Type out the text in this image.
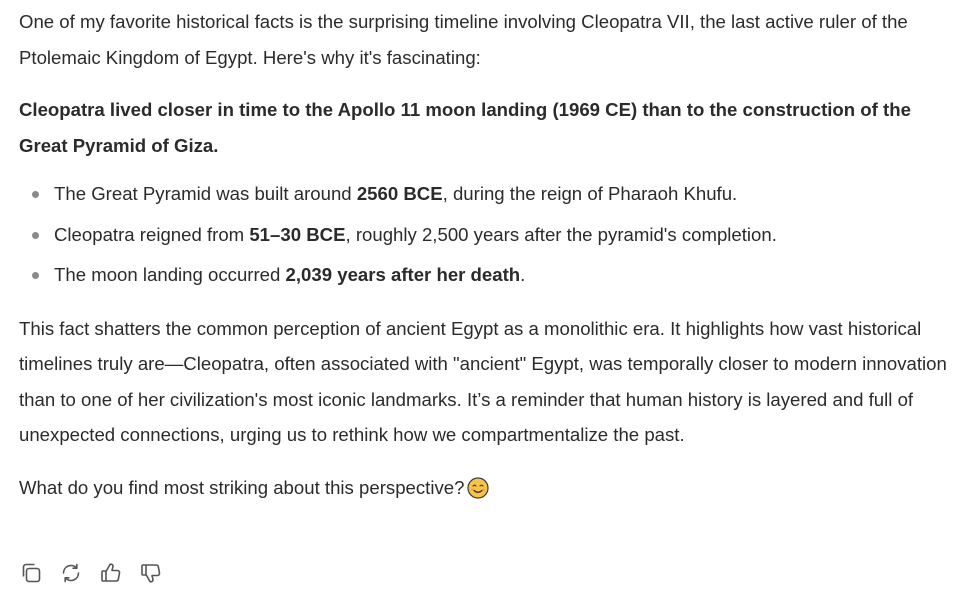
One of my favorite historical facts is the surprising timeline involving Cleopatra VII, the last active ruler of the Ptolemaic Kingdom of Egypt. Here's why it's fascinating:

Cleopatra lived closer in time to the Apollo 11 moon landing (1969 CE) than to the construction of the Great Pyramid of Giza.

The Great Pyramid was built around 2560 BCE, during the reign of Pharaoh Khufu.
Cleopatra reigned from 51–30 BCE, roughly 2,500 years after the pyramid's completion.
The moon landing occurred 2,039 years after her death.

This fact shatters the common perception of ancient Egypt as a monolithic era. It highlights how vast historical timelines truly are—Cleopatra, often associated with "ancient" Egypt, was temporally closer to modern innovation than to one of her civilization's most iconic landmarks. It’s a reminder that human history is layered and full of unexpected connections, urging us to rethink how we compartmentalize the past.

What do you find most striking about this perspective?
